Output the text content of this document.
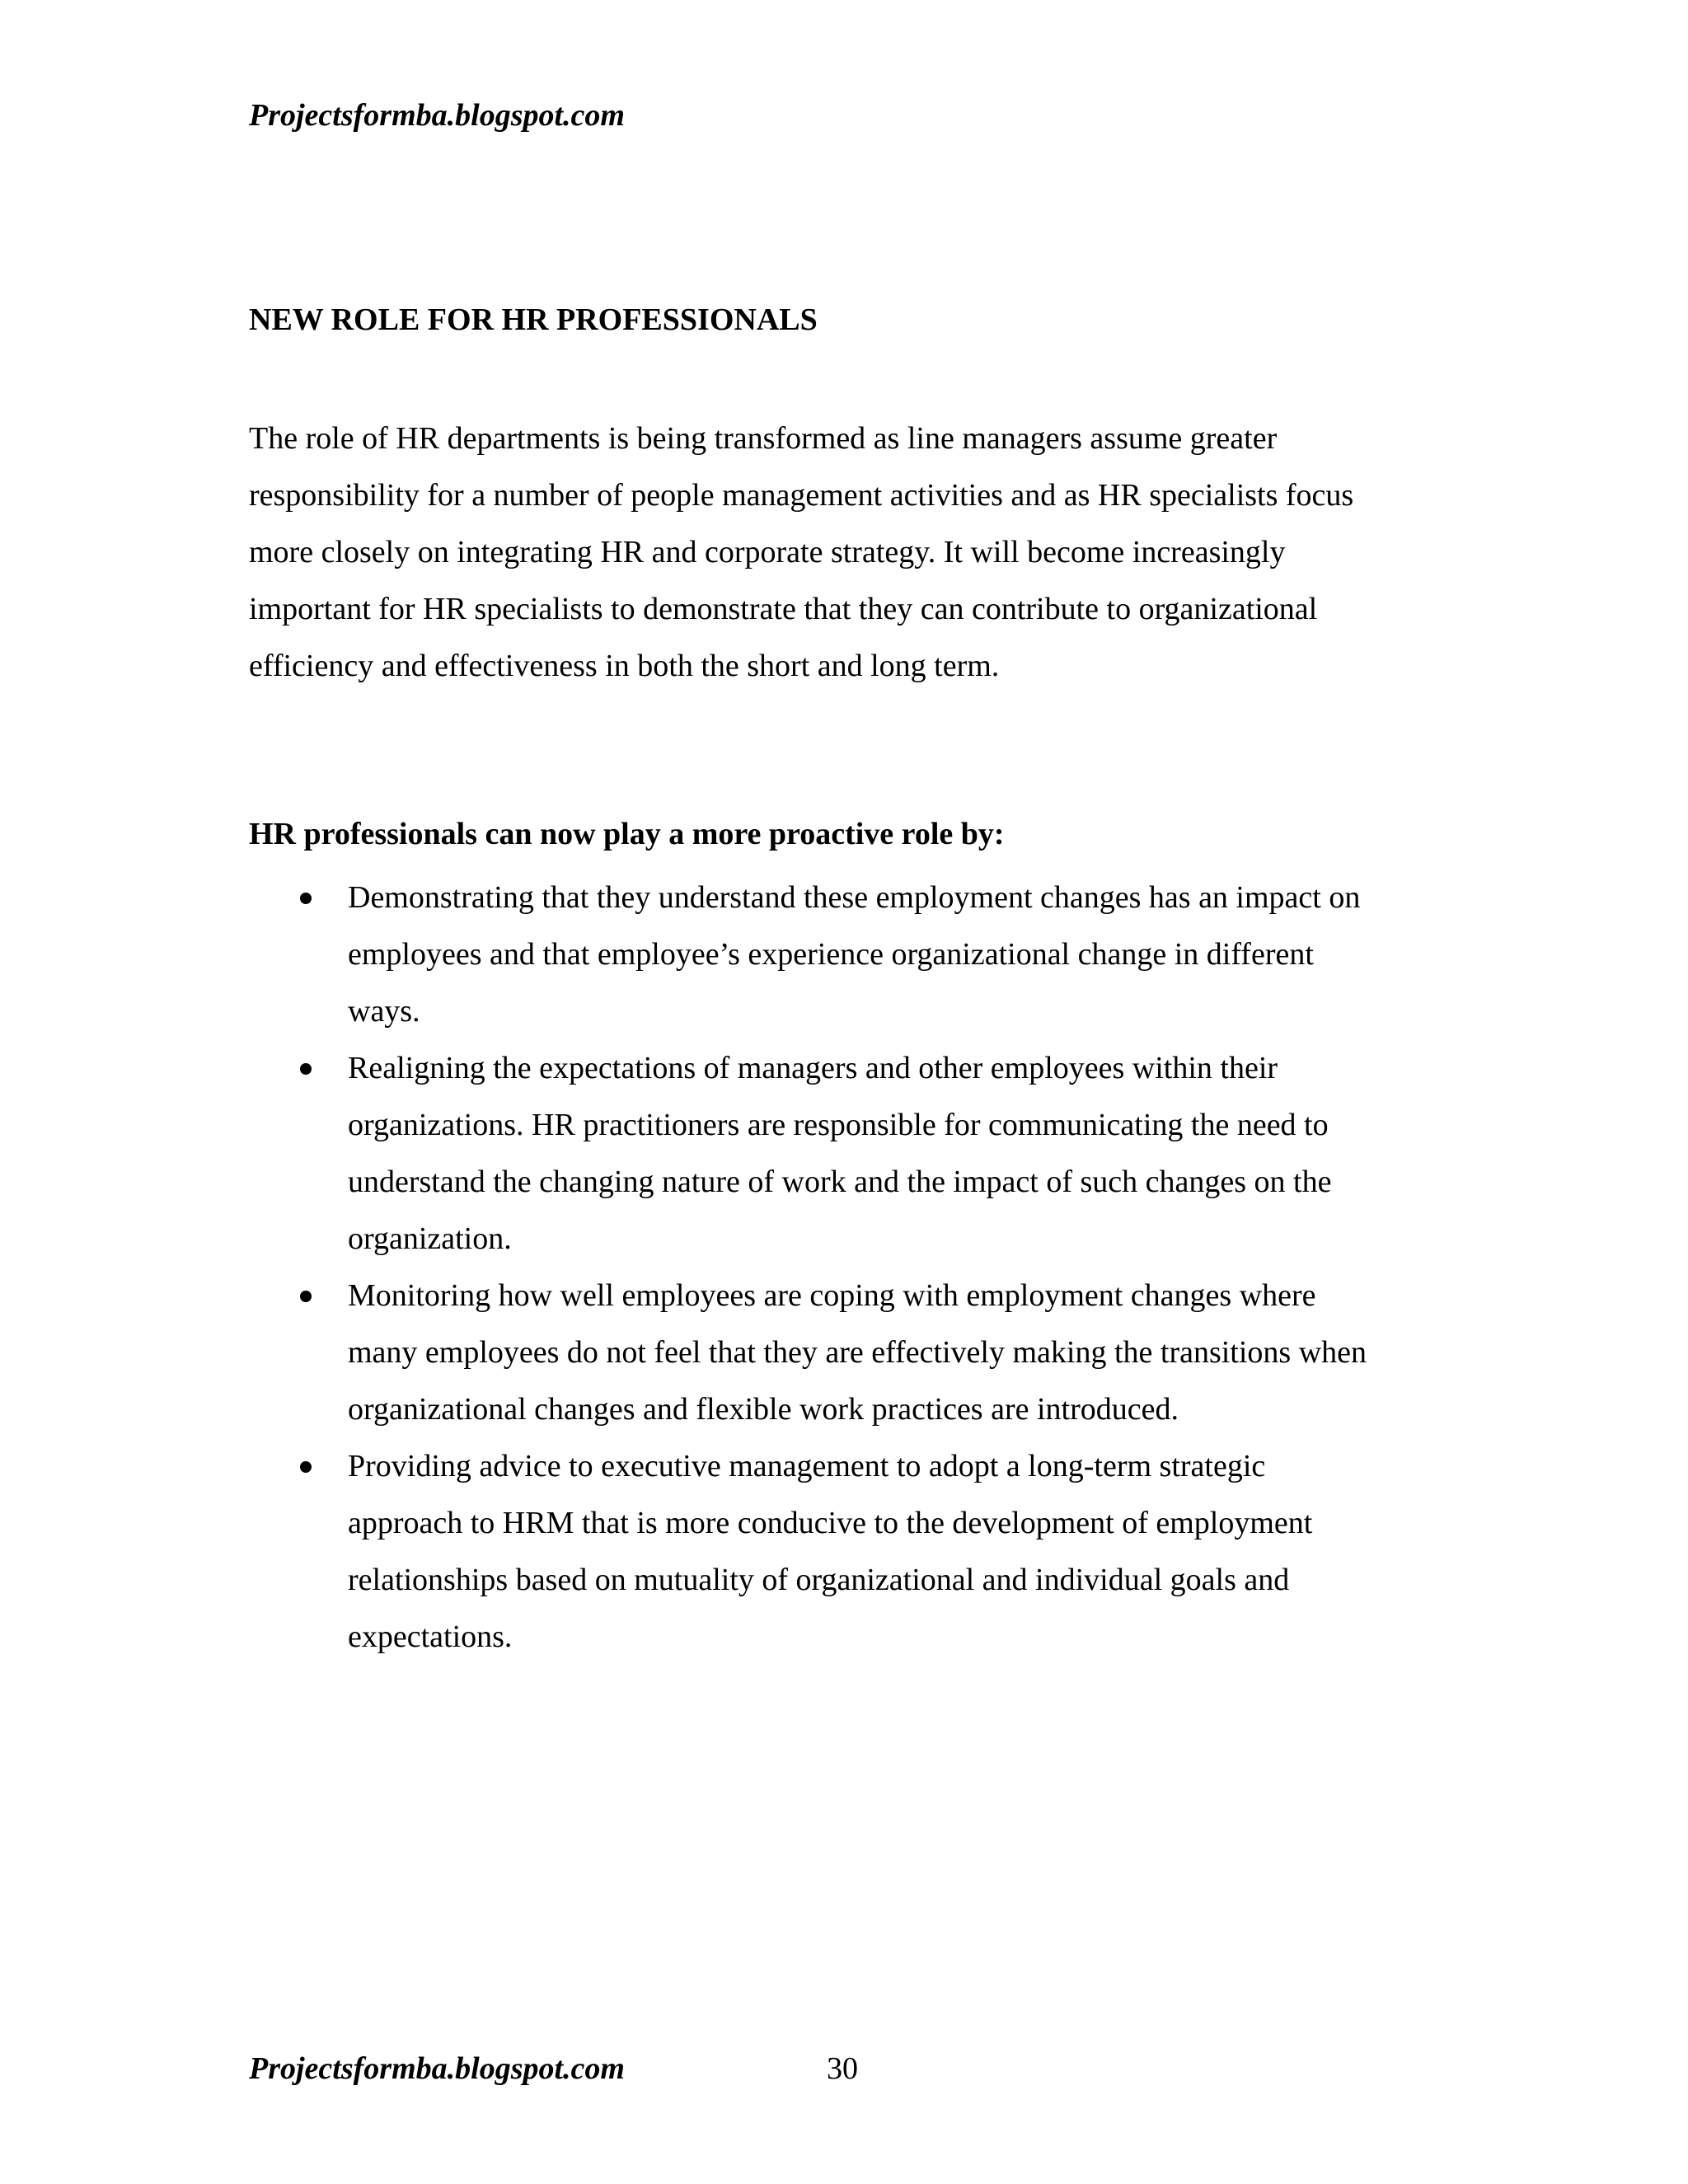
Projectsformba.blogspot.com
NEW ROLE FOR HR PROFESSIONALS

The role of HR departments is being transformed as line managers assume greater
responsibility for a number of people management activities and as HR specialists focus
more closely on integrating HR and corporate strategy. It will become increasingly
important for HR specialists to demonstrate that they can contribute to organizational
efficiency and effectiveness in both the short and long term.

HR professionals can now play a more proactive role by:
Demonstrating that they understand these employment changes has an impact on
employees and that employee’s experience organizational change in different
ways.
Realigning the expectations of managers and other employees within their
organizations. HR practitioners are responsible for communicating the need to
understand the changing nature of work and the impact of such changes on the
organization.
Monitoring how well employees are coping with employment changes where
many employees do not feel that they are effectively making the transitions when
organizational changes and flexible work practices are introduced.
Providing advice to executive management to adopt a long-term strategic
approach to HRM that is more conducive to the development of employment
relationships based on mutuality of organizational and individual goals and
expectations.
Projectsformba.blogspot.com	30
